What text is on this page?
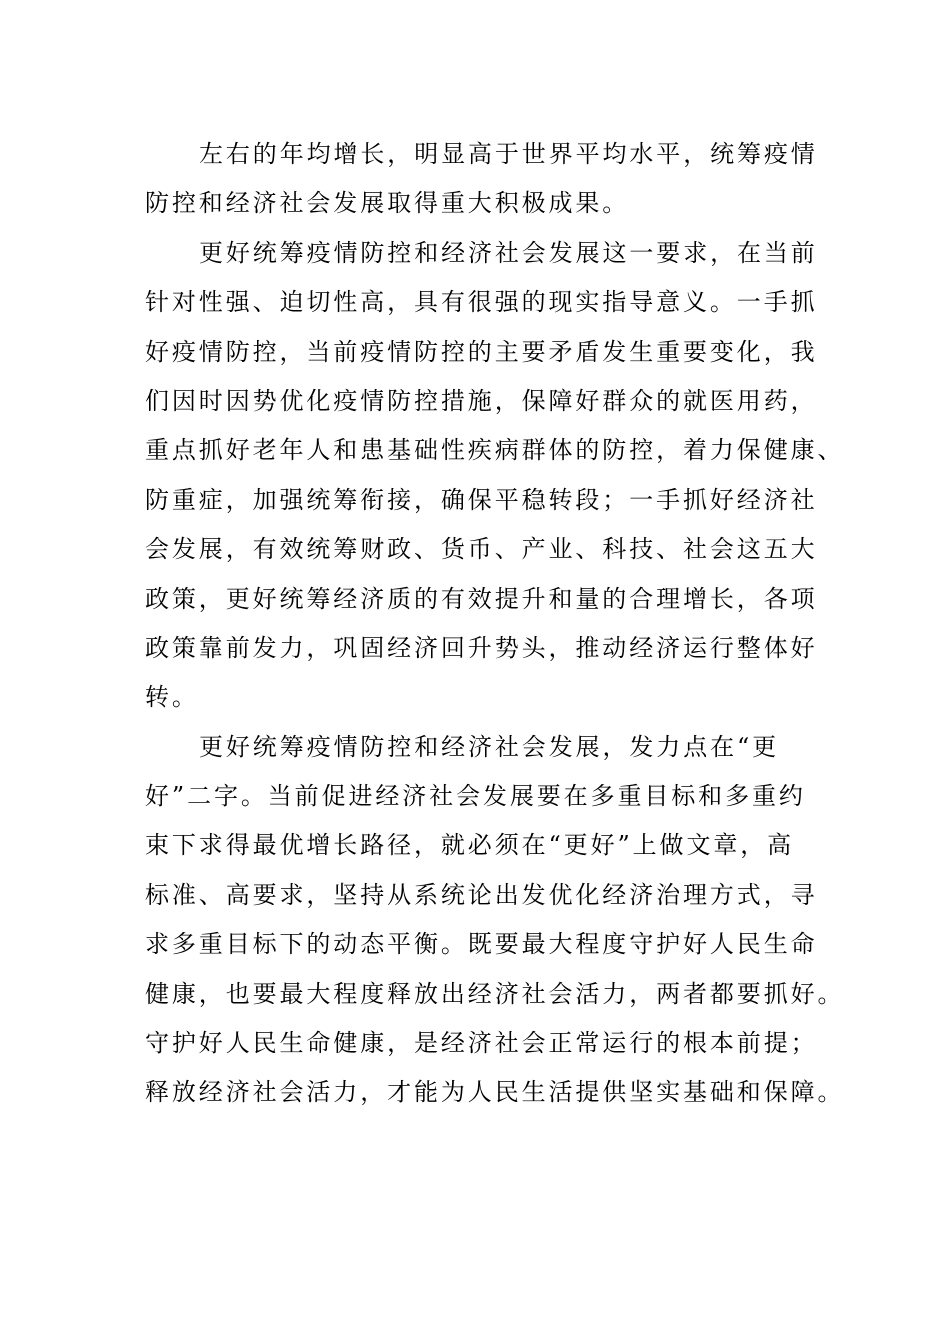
左右的年均增长，明显高于世界平均水平，统筹疫情
防控和经济社会发展取得重大积极成果。
更好统筹疫情防控和经济社会发展这一要求，在当前
针对性强、迫切性高，具有很强的现实指导意义。一手抓
好疫情防控，当前疫情防控的主要矛盾发生重要变化，我
们因时因势优化疫情防控措施，保障好群众的就医用药，
重点抓好老年人和患基础性疾病群体的防控，着力保健康、
防重症，加强统筹衔接，确保平稳转段；一手抓好经济社
会发展，有效统筹财政、货币、产业、科技、社会这五大
政策，更好统筹经济质的有效提升和量的合理增长，各项
政策靠前发力，巩固经济回升势头，推动经济运行整体好
转。
更好统筹疫情防控和经济社会发展，发力点在“更
好”二字。当前促进经济社会发展要在多重目标和多重约
束下求得最优增长路径，就必须在“更好”上做文章，高
标准、高要求，坚持从系统论出发优化经济治理方式，寻
求多重目标下的动态平衡。既要最大程度守护好人民生命
健康，也要最大程度释放出经济社会活力，两者都要抓好。
守护好人民生命健康，是经济社会正常运行的根本前提；
释放经济社会活力，才能为人民生活提供坚实基础和保障。
